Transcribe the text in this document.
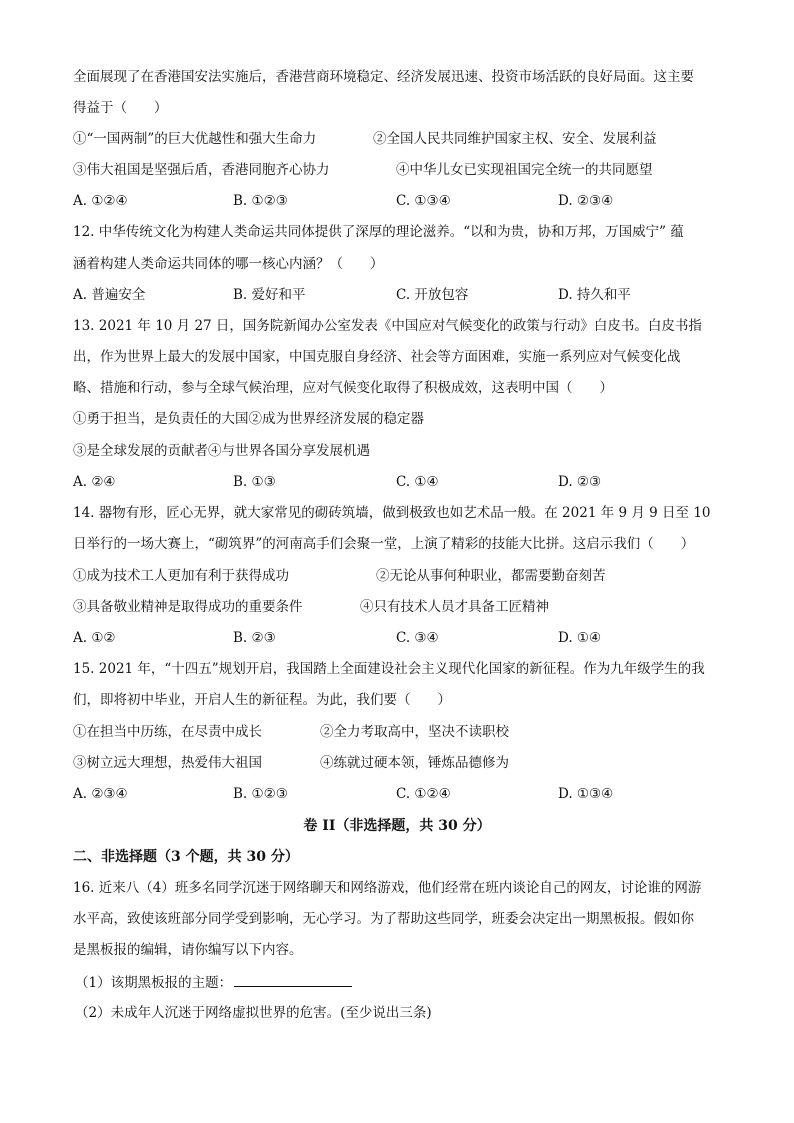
全面展现了在香港国安法实施后，香港营商环境稳定、经济发展迅速、投资市场活跃的良好局面。这主要
得益于（　　）
①“一国两制”的巨大优越性和强大生命力	②全国人民共同维护国家主权、安全、发展利益
③伟大祖国是坚强后盾，香港同胞齐心协力	④中华儿女已实现祖国完全统一的共同愿望
A. ①②④	B. ①②③	C. ①③④	D. ②③④
12. 中华传统文化为构建人类命运共同体提供了深厚的理论滋养。“以和为贵，协和万邦，万国威宁” 蕴
涵着构建人类命运共同体的哪一核心内涵？（　　）
A. 普遍安全	B. 爱好和平	C. 开放包容	D. 持久和平
13. 2021 年 10 月 27 日，国务院新闻办公室发表《中国应对气候变化的政策与行动》白皮书。白皮书指
出，作为世界上最大的发展中国家，中国克服自身经济、社会等方面困难，实施一系列应对气候变化战
略、措施和行动，参与全球气候治理，应对气候变化取得了积极成效，这表明中国（　　）
①勇于担当，是负责任的大国②成为世界经济发展的稳定器
③是全球发展的贡献者④与世界各国分享发展机遇
A. ②④	B. ①③	C. ①④	D. ②③
14. 器物有形，匠心无界，就大家常见的砌砖筑墙，做到极致也如艺术品一般。在 2021 年 9 月 9 日至 10
日举行的一场大赛上，“砌筑界”的河南高手们会聚一堂，上演了精彩的技能大比拼。这启示我们（　　）
①成为技术工人更加有利于获得成功	②无论从事何种职业，都需要勤奋刻苦
③具备敬业精神是取得成功的重要条件	④只有技术人员才具备工匠精神
A. ①②	B. ②③	C. ③④	D. ①④
15. 2021 年，“十四五”规划开启，我国踏上全面建设社会主义现代化国家的新征程。作为九年级学生的我
们，即将初中毕业，开启人生的新征程。为此，我们要（　　）
①在担当中历练，在尽责中成长	②全力考取高中，坚决不读职校
③树立远大理想，热爱伟大祖国	④练就过硬本领，锤炼品德修为
A. ②③④	B. ①②③	C. ①②④	D. ①③④
卷 II（非选择题，共 30 分）
二、非选择题（3 个题，共 30 分）
16. 近来八（4）班多名同学沉迷于网络聊天和网络游戏，他们经常在班内谈论自己的网友，讨论谁的网游
水平高，致使该班部分同学受到影响，无心学习。为了帮助这些同学，班委会决定出一期黑板报。假如你
是黑板报的编辑，请你编写以下内容。
（1）该期黑板报的主题：
（2）未成年人沉迷于网络虚拟世界的危害。(至少说出三条)
